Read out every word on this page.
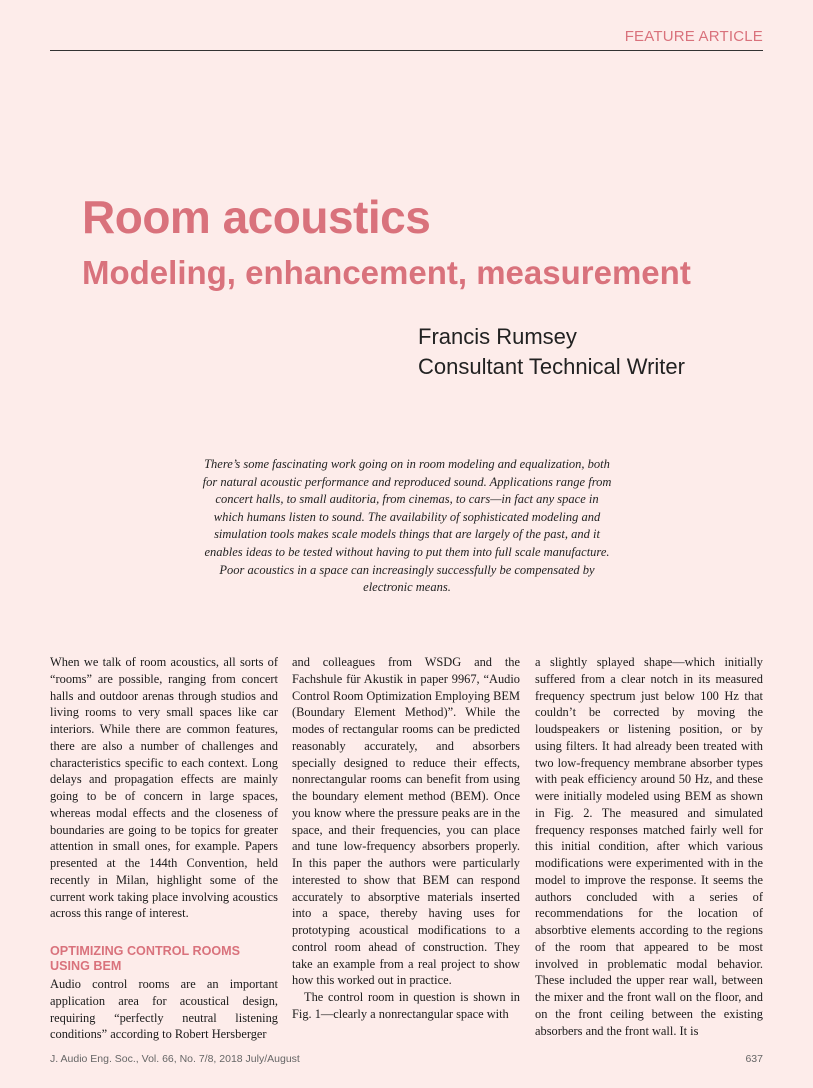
FEATURE ARTICLE
Room acoustics
Modeling, enhancement, measurement
Francis Rumsey
Consultant Technical Writer
There’s some fascinating work going on in room modeling and equalization, both for natural acoustic performance and reproduced sound. Applications range from concert halls, to small auditoria, from cinemas, to cars—in fact any space in which humans listen to sound. The availability of sophisticated modeling and simulation tools makes scale models things that are largely of the past, and it enables ideas to be tested without having to put them into full scale manufacture. Poor acoustics in a space can increasingly successfully be compensated by electronic means.

When we talk of room acoustics, all sorts of “rooms” are possible, ranging from concert halls and outdoor arenas through studios and living rooms to very small spaces like car interiors. While there are common features, there are also a number of challenges and characteristics specific to each context. Long delays and propagation effects are mainly going to be of concern in large spaces, whereas modal effects and the closeness of boundaries are going to be topics for greater attention in small ones, for example. Papers presented at the 144th Convention, held recently in Milan, highlight some of the current work taking place involving acoustics across this range of interest.

OPTIMIZING CONTROL ROOMS USING BEM

Audio control rooms are an important application area for acoustical design, requiring “perfectly neutral listening conditions” according to Robert Hersberger

and colleagues from WSDG and the Fachshule für Akustik in paper 9967, “Audio Control Room Optimization Employing BEM (Boundary Element Method)”. While the modes of rectangular rooms can be predicted reasonably accurately, and absorbers specially designed to reduce their effects, nonrectangular rooms can benefit from using the boundary element method (BEM). Once you know where the pressure peaks are in the space, and their frequencies, you can place and tune low-frequency absorbers properly. In this paper the authors were particularly interested to show that BEM can respond accurately to absorptive materials inserted into a space, thereby having uses for prototyping acoustical modifications to a control room ahead of construction. They take an example from a real project to show how this worked out in practice.

The control room in question is shown in Fig. 1—clearly a nonrectangular space with

a slightly splayed shape—which initially suffered from a clear notch in its measured frequency spectrum just below 100 Hz that couldn’t be corrected by moving the loudspeakers or listening position, or by using filters. It had already been treated with two low-frequency membrane absorber types with peak efficiency around 50 Hz, and these were initially modeled using BEM as shown in Fig. 2. The measured and simulated frequency responses matched fairly well for this initial condition, after which various modifications were experimented with in the model to improve the response. It seems the authors concluded with a series of recommendations for the location of absorbtive elements according to the regions of the room that appeared to be most involved in problematic modal behavior. These included the upper rear wall, between the mixer and the front wall on the floor, and on the front ceiling between the existing absorbers and the front wall. It is

J. Audio Eng. Soc., Vol. 66, No. 7/8, 2018 July/August	637
